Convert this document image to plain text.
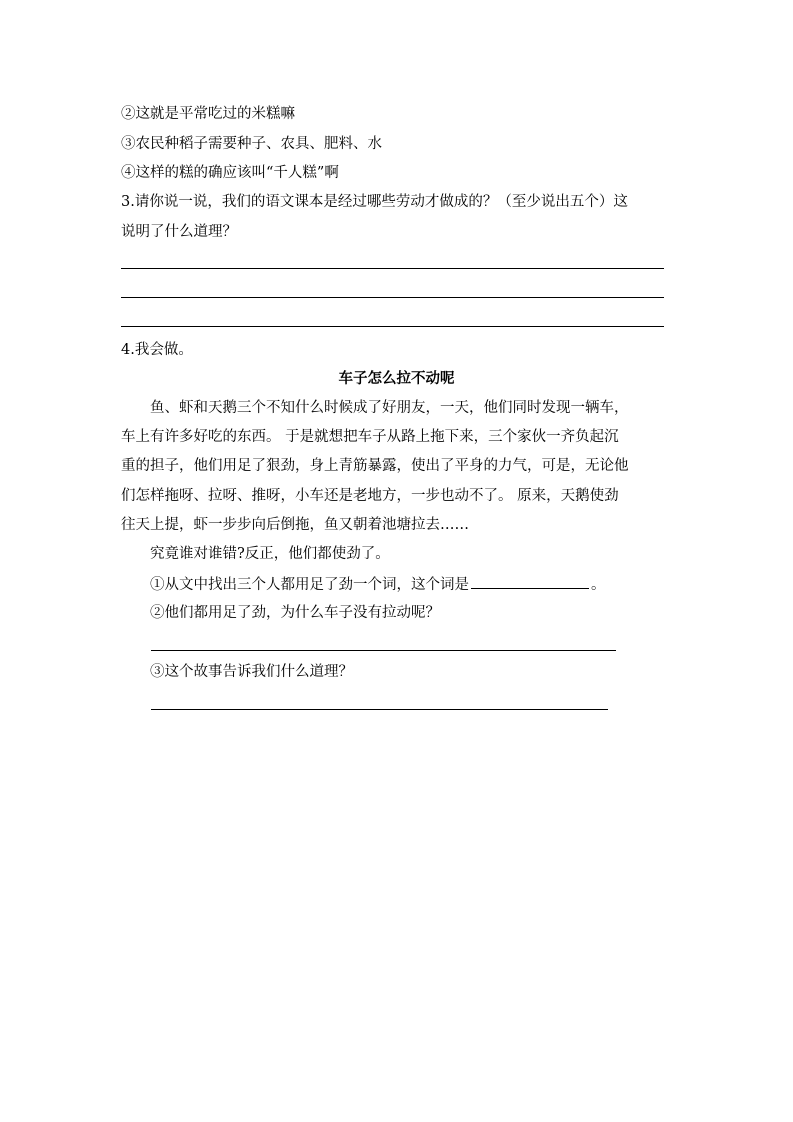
②这就是平常吃过的米糕嘛
③农民种稻子需要种子、农具、肥料、水
④这样的糕的确应该叫“千人糕”啊
3.请你说一说，我们的语文课本是经过哪些劳动才做成的？（至少说出五个）这
说明了什么道理？
4.我会做。
车子怎么拉不动呢
鱼、虾和天鹅三个不知什么时候成了好朋友，一天，他们同时发现一辆车，
车上有许多好吃的东西。 于是就想把车子从路上拖下来，三个家伙一齐负起沉
重的担子，他们用足了狠劲，身上青筋暴露，使出了平身的力气，可是，无论他
们怎样拖呀、拉呀、推呀，小车还是老地方，一步也动不了。 原来，天鹅使劲
往天上提，虾一步步向后倒拖，鱼又朝着池塘拉去……
究竟谁对谁错?反正，他们都使劲了。
①从文中找出三个人都用足了劲一个词，这个词是	。
②他们都用足了劲，为什么车子没有拉动呢？
③这个故事告诉我们什么道理？
